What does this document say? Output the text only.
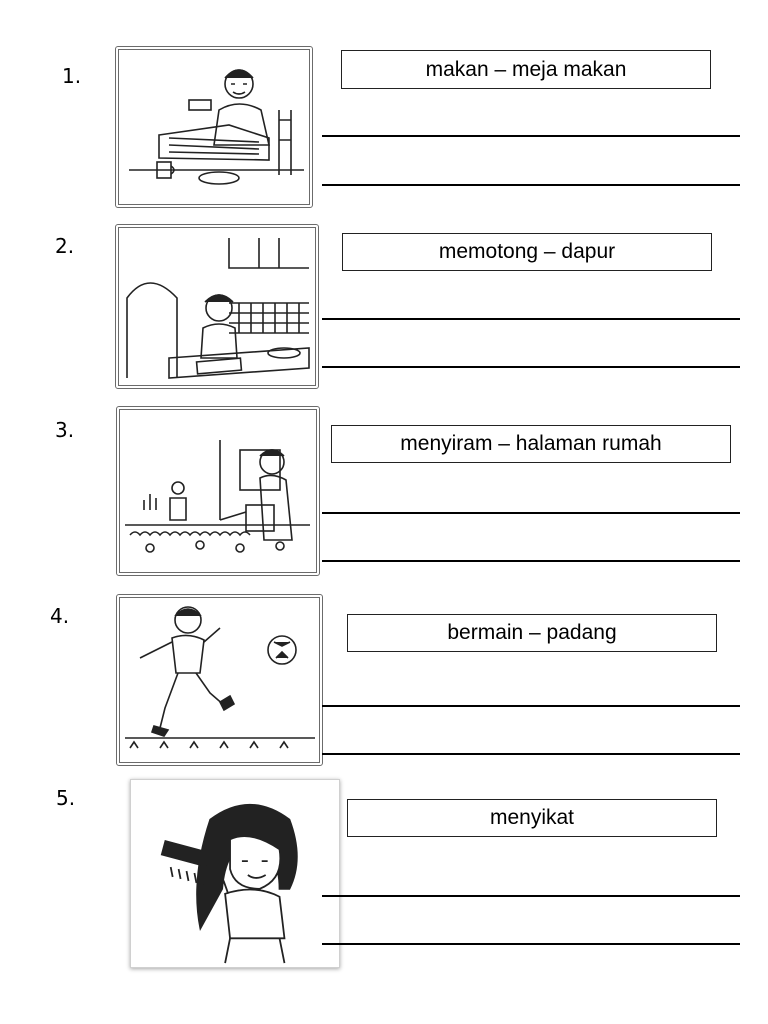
1.	makan – meja makan
2.	memotong – dapur
3.
menyiram – halaman rumah
4.
bermain – padang
5.
menyikat
